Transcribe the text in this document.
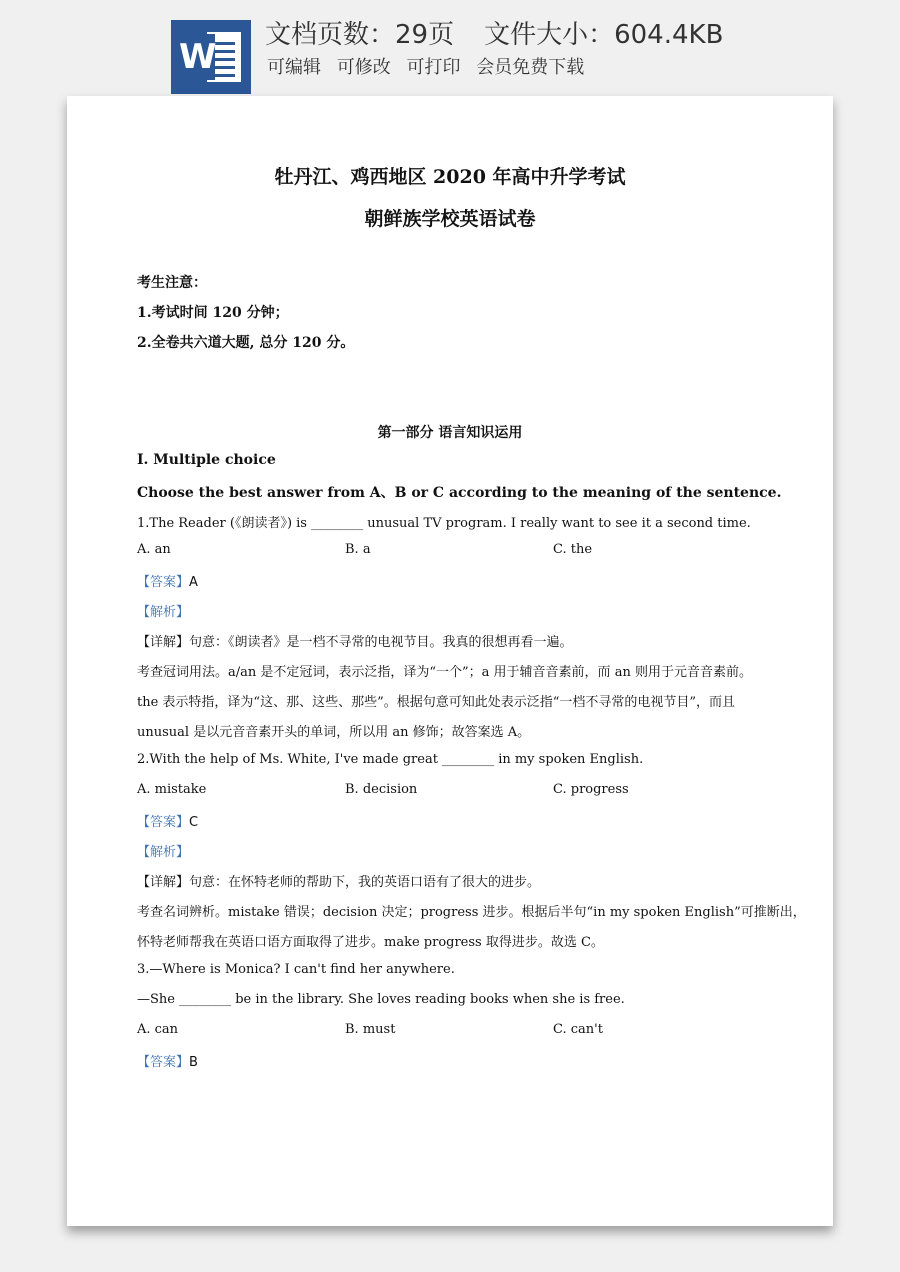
W
文档页数：29页 文件大小：604.4KB
可编辑 可修改 可打印 会员免费下载
牡丹江、鸡西地区 2020 年高中升学考试
朝鲜族学校英语试卷
考生注意：
1.考试时间 120 分钟；
2.全卷共六道大题, 总分 120 分。
第一部分 语言知识运用
I. Multiple choice
Choose the best answer from A、B or C according to the meaning of the sentence.
1.The Reader (《朗读者》) is ________ unusual TV program. I really want to see it a second time.
A. an	B. a	C. the
【答案】A
【解析】
【详解】句意：《朗读者》是一档不寻常的电视节目。我真的很想再看一遍。
考查冠词用法。a/an 是不定冠词，表示泛指，译为“一个”；a 用于辅音音素前，而 an 则用于元音音素前。
the 表示特指，译为“这、那、这些、那些”。根据句意可知此处表示泛指“一档不寻常的电视节目”，而且
unusual 是以元音音素开头的单词，所以用 an 修饰；故答案选 A。
2.With the help of Ms. White, I've made great ________ in my spoken English.
A. mistake	B. decision	C. progress
【答案】C
【解析】
【详解】句意：在怀特老师的帮助下，我的英语口语有了很大的进步。
考查名词辨析。mistake 错误；decision 决定；progress 进步。根据后半句“in my spoken English”可推断出，
怀特老师帮我在英语口语方面取得了进步。make progress 取得进步。故选 C。
3.—Where is Monica? I can't find her anywhere.
—She ________ be in the library. She loves reading books when she is free.
A. can	B. must	C. can't
【答案】B
